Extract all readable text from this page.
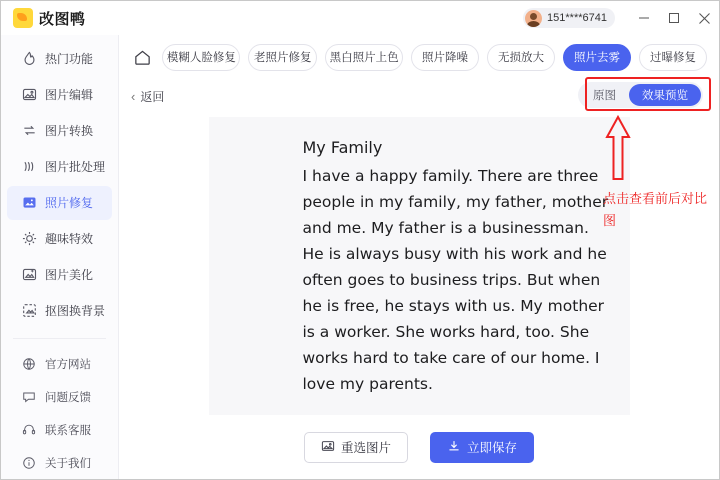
改图鸭	151****6741
热门功能
图片编辑
图片转换
图片批处理
照片修复
趣味特效
图片美化
抠图换背景
官方网站
问题反馈
联系客服
关于我们
模糊人脸修复	老照片修复	黑白照片上色	照片降噪	无损放大	照片去雾	过曝修复
‹ 返回	原图	效果预览
My Family
I have a happy family. There are three people in my family, my father, mother and me. My father is a businessman. He is always busy with his work and he often goes to business trips. But when he is free, he stays with us. My mother is a worker. She works hard, too. She works hard to take care of our home. I love my parents.
点击查看前后对比图
重选图片	立即保存
